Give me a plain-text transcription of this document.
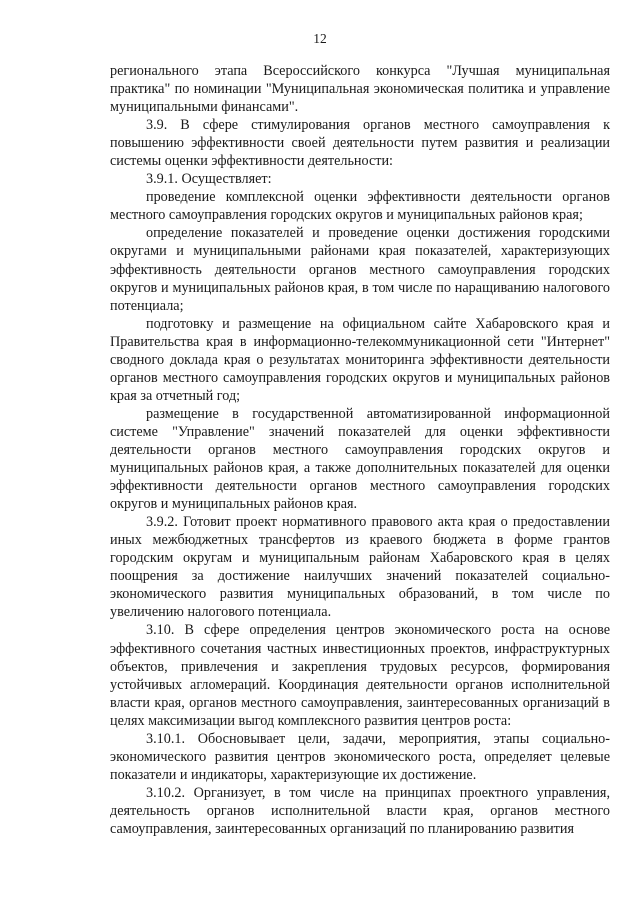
12

регионального этапа Всероссийского конкурса "Лучшая муниципальная практика" по номинации "Муниципальная экономическая политика и управление муниципальными финансами".

3.9. В сфере стимулирования органов местного самоуправления к повышению эффективности своей деятельности путем развития и реализации системы оценки эффективности деятельности:

3.9.1. Осуществляет:

проведение комплексной оценки эффективности деятельности органов местного самоуправления городских округов и муниципальных районов края;

определение показателей и проведение оценки достижения городскими округами и муниципальными районами края показателей, характеризующих эффективность деятельности органов местного самоуправления городских округов и муниципальных районов края, в том числе по наращиванию налогового потенциала;

подготовку и размещение на официальном сайте Хабаровского края и Правительства края в информационно-телекоммуникационной сети "Интернет" сводного доклада края о результатах мониторинга эффективности деятельности органов местного самоуправления городских округов и муниципальных районов края за отчетный год;

размещение в государственной автоматизированной информационной системе "Управление" значений показателей для оценки эффективности деятельности органов местного самоуправления городских округов и муниципальных районов края, а также дополнительных показателей для оценки эффективности деятельности органов местного самоуправления городских округов и муниципальных районов края.

3.9.2. Готовит проект нормативного правового акта края о предоставлении иных межбюджетных трансфертов из краевого бюджета в форме грантов городским округам и муниципальным районам Хабаровского края в целях поощрения за достижение наилучших значений показателей социально-экономического развития муниципальных образований, в том числе по увеличению налогового потенциала.

3.10. В сфере определения центров экономического роста на основе эффективного сочетания частных инвестиционных проектов, инфраструктурных объектов, привлечения и закрепления трудовых ресурсов, формирования устойчивых агломераций. Координация деятельности органов исполнительной власти края, органов местного самоуправления, заинтересованных организаций в целях максимизации выгод комплексного развития центров роста:

3.10.1. Обосновывает цели, задачи, мероприятия, этапы социально-экономического развития центров экономического роста, определяет целевые показатели и индикаторы, характеризующие их достижение.

3.10.2. Организует, в том числе на принципах проектного управления, деятельность органов исполнительной власти края, органов местного самоуправления, заинтересованных организаций по планированию развития
